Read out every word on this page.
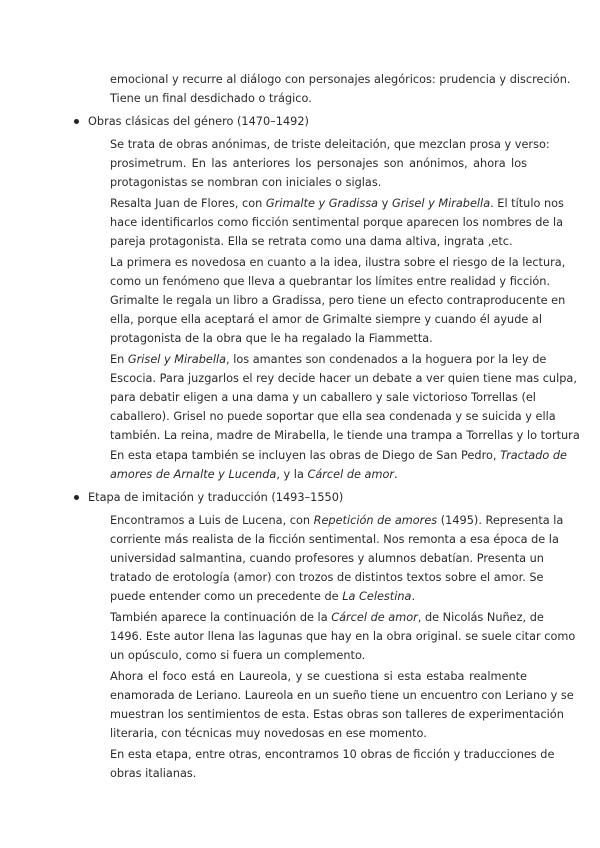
emocional y recurre al diálogo con personajes alegóricos: prudencia y discreción.
Tiene un final desdichado o trágico.
Obras clásicas del género (1470–1492)
Se trata de obras anónimas, de triste deleitación, que mezclan prosa y verso:
prosimetrum. En las anteriores los personajes son anónimos, ahora los
protagonistas se nombran con iniciales o siglas.
Resalta Juan de Flores, con Grimalte y Gradissa y Grisel y Mirabella. El título nos
hace identificarlos como ficción sentimental porque aparecen los nombres de la
pareja protagonista. Ella se retrata como una dama altiva, ingrata ,etc.
La primera es novedosa en cuanto a la idea, ilustra sobre el riesgo de la lectura,
como un fenómeno que lleva a quebrantar los límites entre realidad y ficción.
Grimalte le regala un libro a Gradissa, pero tiene un efecto contraproducente en
ella, porque ella aceptará el amor de Grimalte siempre y cuando él ayude al
protagonista de la obra que le ha regalado la Fiammetta.
En Grisel y Mirabella, los amantes son condenados a la hoguera por la ley de
Escocia. Para juzgarlos el rey decide hacer un debate a ver quien tiene mas culpa,
para debatir eligen a una dama y un caballero y sale victorioso Torrellas (el
caballero). Grisel no puede soportar que ella sea condenada y se suicida y ella
también. La reina, madre de Mirabella, le tiende una trampa a Torrellas y lo tortura
En esta etapa también se incluyen las obras de Diego de San Pedro, Tractado de
amores de Arnalte y Lucenda, y la Cárcel de amor.
Etapa de imitación y traducción (1493–1550)
Encontramos a Luis de Lucena, con Repetición de amores (1495). Representa la
corriente más realista de la ficción sentimental. Nos remonta a esa época de la
universidad salmantina, cuando profesores y alumnos debatían. Presenta un
tratado de erotología (amor) con trozos de distintos textos sobre el amor. Se
puede entender como un precedente de La Celestina.
También aparece la continuación de la Cárcel de amor, de Nicolás Nuñez, de
1496. Este autor llena las lagunas que hay en la obra original. se suele citar como
un opúsculo, como si fuera un complemento.
Ahora el foco está en Laureola, y se cuestiona si esta estaba realmente
enamorada de Leriano. Laureola en un sueño tiene un encuentro con Leriano y se
muestran los sentimientos de esta. Estas obras son talleres de experimentación
literaria, con técnicas muy novedosas en ese momento.
En esta etapa, entre otras, encontramos 10 obras de ficción y traducciones de
obras italianas.
